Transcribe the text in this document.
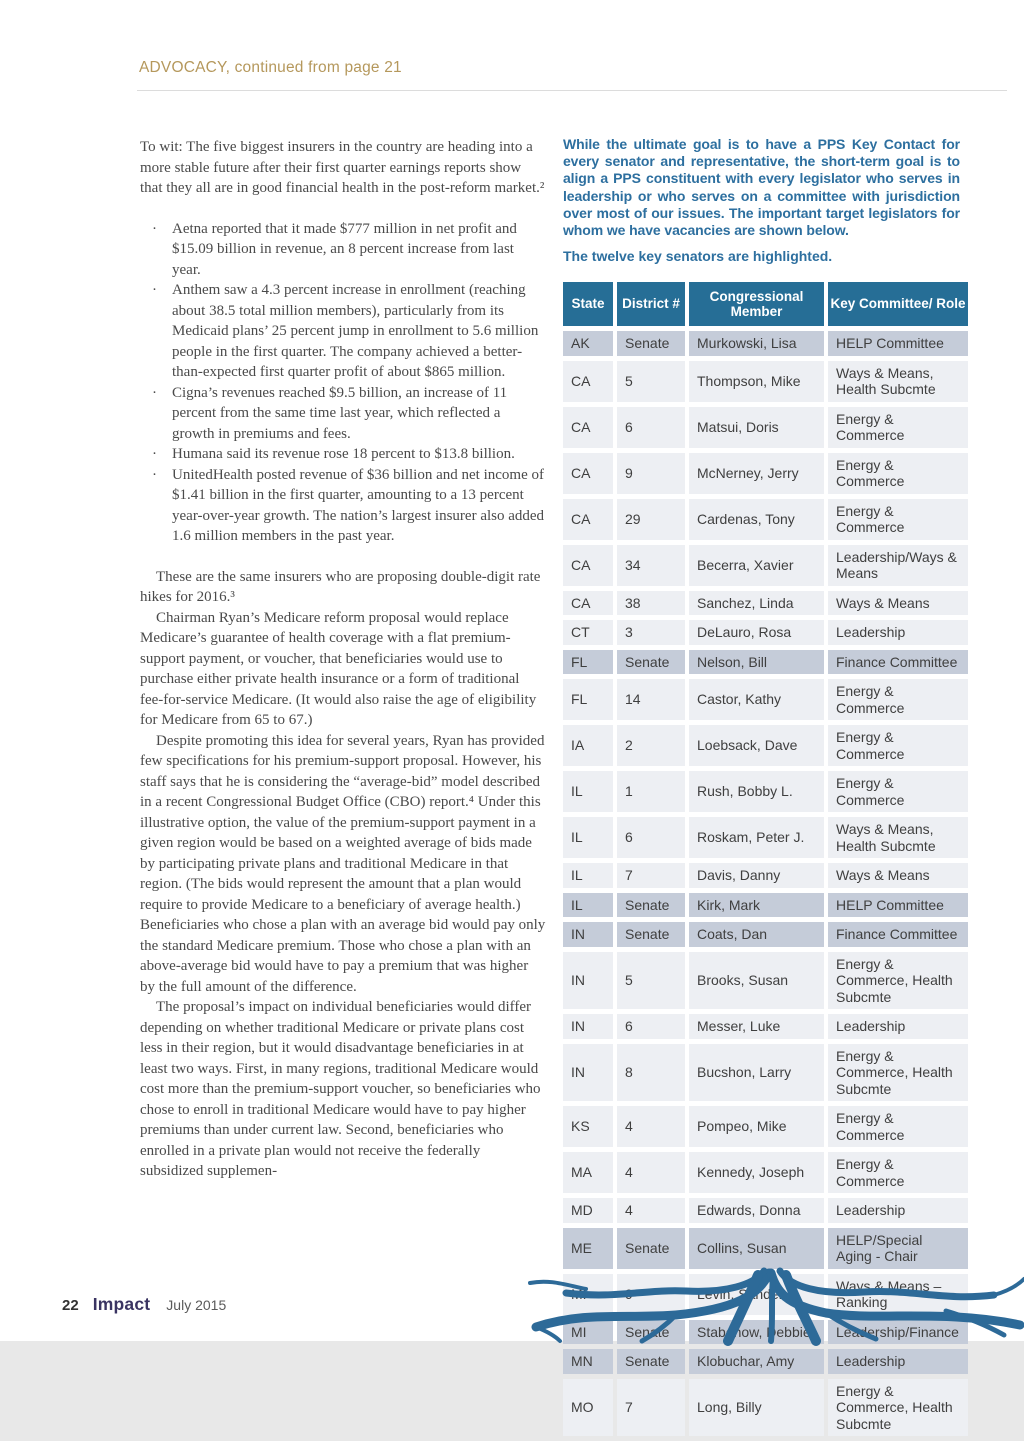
ADVOCACY, continued from page 21

To wit: The five biggest insurers in the country are heading into a more stable future after their first quarter earnings reports show that they all are in good financial health in the post-reform market.²

·	Aetna reported that it made $777 million in net profit and $15.09 billion in revenue, an 8 percent increase from last year.
·	Anthem saw a 4.3 percent increase in enrollment (reaching about 38.5 total million members), particularly from its Medicaid plans’ 25 percent jump in enrollment to 5.6 million people in the first quarter. The company achieved a better-than-expected first quarter profit of about $865 million.
·	Cigna’s revenues reached $9.5 billion, an increase of 11 percent from the same time last year, which reflected a growth in premiums and fees.
·	Humana said its revenue rose 18 percent to $13.8 billion.
·	UnitedHealth posted revenue of $36 billion and net income of $1.41 billion in the first quarter, amounting to a 13 percent year-over-year growth. The nation’s largest insurer also added 1.6 million members in the past year.

These are the same insurers who are proposing double-digit rate hikes for 2016.³

Chairman Ryan’s Medicare reform proposal would replace Medicare’s guarantee of health coverage with a flat premium-support payment, or voucher, that beneficiaries would use to purchase either private health insurance or a form of traditional fee-for-service Medicare. (It would also raise the age of eligibility for Medicare from 65 to 67.)

Despite promoting this idea for several years, Ryan has provided few specifications for his premium-support proposal. However, his staff says that he is considering the “average-bid” model described in a recent Congressional Budget Office (CBO) report.⁴ Under this illustrative option, the value of the premium-support payment in a given region would be based on a weighted average of bids made by participating private plans and traditional Medicare in that region. (The bids would represent the amount that a plan would require to provide Medicare to a beneficiary of average health.) Beneficiaries who chose a plan with an average bid would pay only the standard Medicare premium. Those who chose a plan with an above-average bid would have to pay a premium that was higher by the full amount of the difference.

The proposal’s impact on individual beneficiaries would differ depending on whether traditional Medicare or private plans cost less in their region, but it would disadvantage beneficiaries in at least two ways. First, in many regions, traditional Medicare would cost more than the premium-support voucher, so beneficiaries who chose to enroll in traditional Medicare would have to pay higher premiums than under current law. Second, beneficiaries who enrolled in a private plan would not receive the federally subsidized supplemen-

While the ultimate goal is to have a PPS Key Contact for every senator and representative, the short-term goal is to align a PPS constituent with every legislator who serves in leadership or who serves on a committee with jurisdiction over most of our issues. The important target legislators for whom we have vacancies are shown below.

The twelve key senators are highlighted.

State	District #	Congressional Member	Key Committee/ Role
AK	Senate	Murkowski, Lisa	HELP Committee
CA	5	Thompson, Mike	Ways & Means, Health Subcmte
CA	6	Matsui, Doris	Energy & Commerce
CA	9	McNerney, Jerry	Energy & Commerce
CA	29	Cardenas, Tony	Energy & Commerce
CA	34	Becerra, Xavier	Leadership/Ways & Means
CA	38	Sanchez, Linda	Ways & Means
CT	3	DeLauro, Rosa	Leadership
FL	Senate	Nelson, Bill	Finance Committee
FL	14	Castor, Kathy	Energy & Commerce
IA	2	Loebsack, Dave	Energy & Commerce
IL	1	Rush, Bobby L.	Energy & Commerce
IL	6	Roskam, Peter J.	Ways & Means, Health Subcmte
IL	7	Davis, Danny	Ways & Means
IL	Senate	Kirk, Mark	HELP Committee
IN	Senate	Coats, Dan	Finance Committee
IN	5	Brooks, Susan	Energy & Commerce, Health Subcmte
IN	6	Messer, Luke	Leadership
IN	8	Bucshon, Larry	Energy & Commerce, Health Subcmte
KS	4	Pompeo, Mike	Energy & Commerce
MA	4	Kennedy, Joseph	Energy & Commerce
MD	4	Edwards, Donna	Leadership
ME	Senate	Collins, Susan	HELP/Special Aging - Chair
MI	9	Levin, Sander	Ways & Means – Ranking
MI	Senate	Stabenow, Debbie	Leadership/Finance
MN	Senate	Klobuchar, Amy	Leadership
MO	7	Long, Billy	Energy & Commerce, Health Subcmte
22 Impact July 2015
